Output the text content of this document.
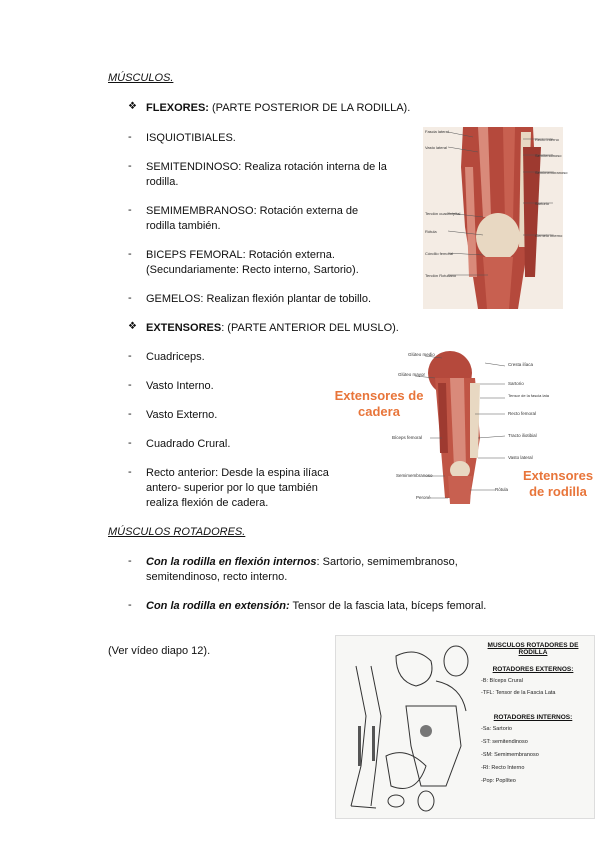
MÚSCULOS.
❖ FLEXORES: (PARTE POSTERIOR DE LA RODILLA).
-	ISQUIOTIBIALES.
-	SEMITENDINOSO: Realiza rotación interna de la rodilla.
-	SEMIMEMBRANOSO: Rotación externa de rodilla también.
-	BICEPS FEMORAL: Rotación externa. (Secundariamente: Recto interno, Sartorio).
-	GEMELOS: Realizan flexión plantar de tobillo.
❖ EXTENSORES: (PARTE ANTERIOR DEL MUSLO).
-	Cuadriceps.
-	Vasto Interno.
-	Vasto Externo.
-	Cuadrado Crural.
-	Recto anterior: Desde la espina ilíaca antero- superior por lo que también realiza flexión de cadera.
MÚSCULOS ROTADORES.
-	Con la rodilla en flexión internos: Sartorio, semimembranoso, semitendinoso, recto interno.
-	Con la rodilla en extensión: Tensor de la fascia lata, bíceps femoral.
(Ver vídeo diapo 12).
Fascia lateral
Vasto lateral
Tendón cuadricipital
Rótula
Cóndilo femoral
Tendón Rotuliano
Recto interno
Semitendinoso
Semimembranoso
Sartorio
Gemelo interno
Glúteo medio
Glúteo mayor
Cresta ilíaca
Sartorio
Tensor de la fascia lata
Recto femoral
Bíceps femoral	Tracto iliotibial
Vasto lateral
Semimembranoso
Peroné
Rótula
Extensores de cadera
Extensores de rodilla
MUSCULOS ROTADORES DE RODILLA
ROTADORES EXTERNOS:
-B: Bíceps Crural
-TFL: Tensor de la Fascia Lata
ROTADORES INTERNOS:
-Sa: Sartorio
-ST: semitendinoso
-SM: Semimembranoso
-RI: Recto Interno
-Pop: Poplíteo
